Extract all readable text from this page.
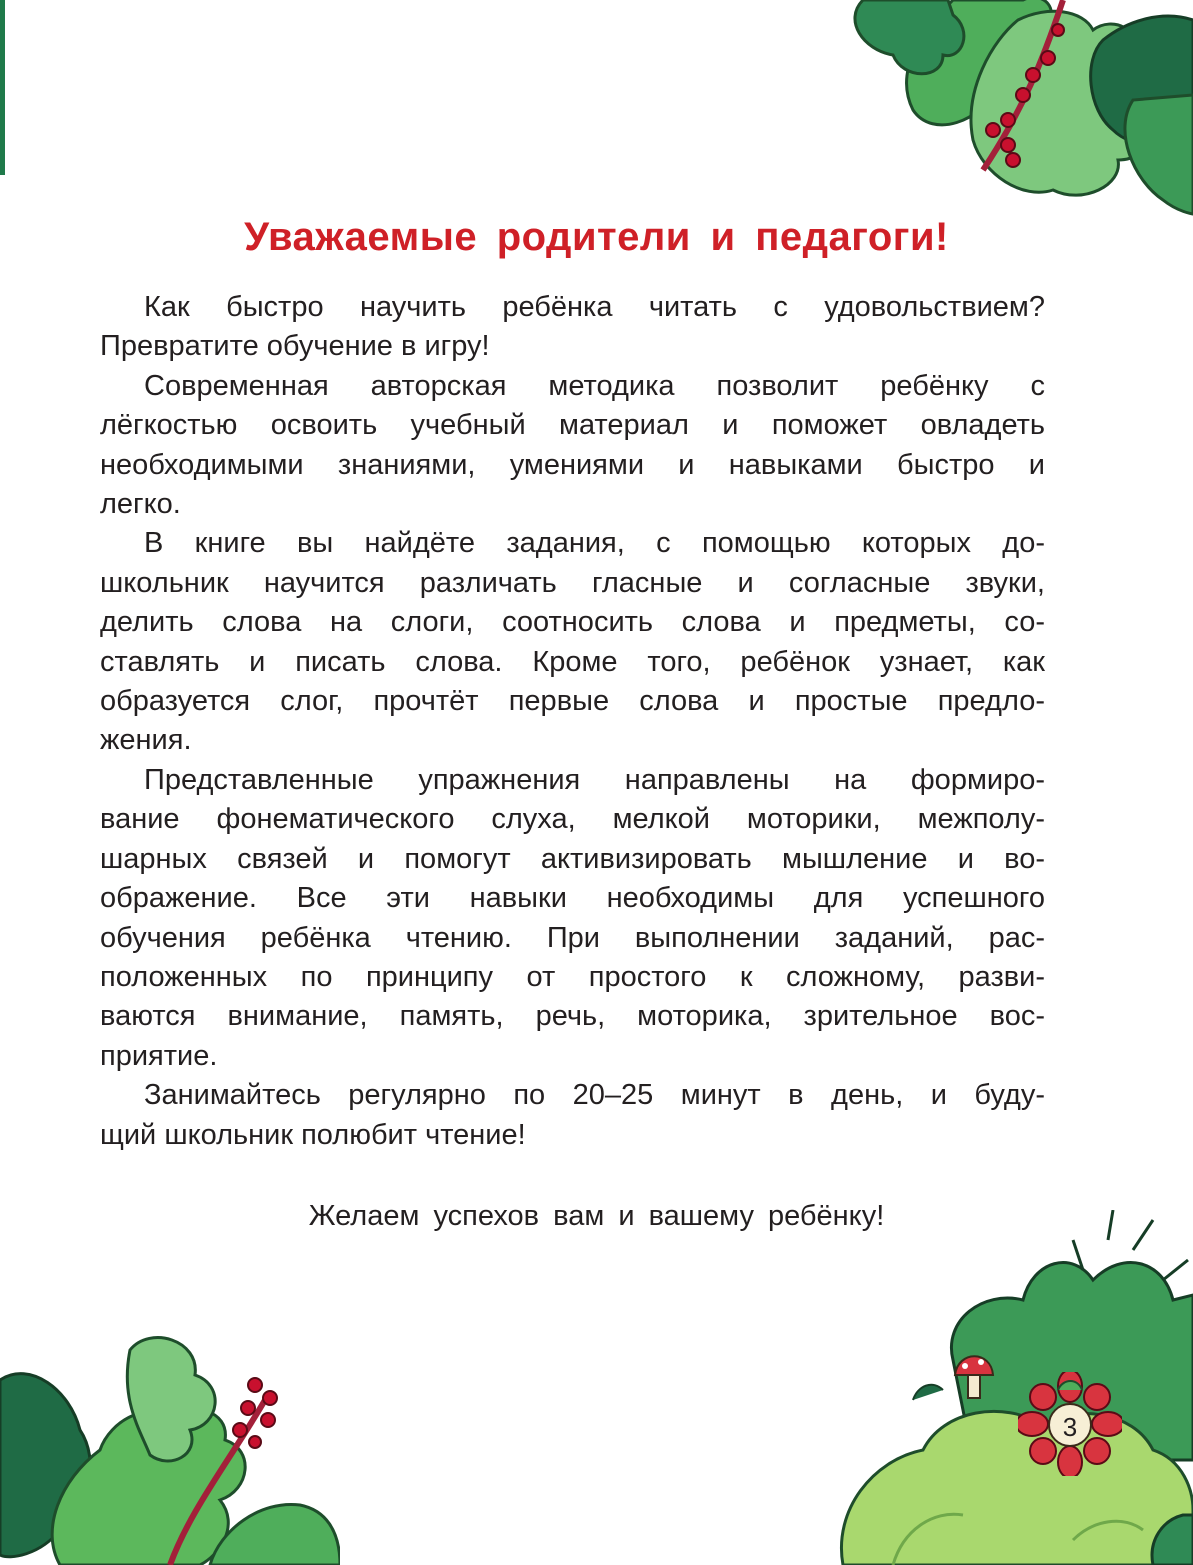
3
Уважаемые родители и педагоги!

Как быстро научить ребёнка читать с удовольствием?
Превратите обучение в игру!

Современная авторская методика позволит ребёнку с
лёгкостью освоить учебный материал и поможет овладеть
необходимыми знаниями, умениями и навыками быстро и
легко.

В книге вы найдёте задания, с помощью которых до-
школьник научится различать гласные и согласные звуки,
делить слова на слоги, соотносить слова и предметы, со-
ставлять и писать слова. Кроме того, ребёнок узнает, как
образуется слог, прочтёт первые слова и простые предло-
жения.

Представленные упражнения направлены на формиро-
вание фонематического слуха, мелкой моторики, межполу-
шарных связей и помогут активизировать мышление и во-
ображение. Все эти навыки необходимы для успешного
обучения ребёнка чтению. При выполнении заданий, рас-
положенных по принципу от простого к сложному, разви-
ваются внимание, память, речь, моторика, зрительное вос-
приятие.

Занимайтесь регулярно по 20–25 минут в день, и буду-
щий школьник полюбит чтение!

Желаем успехов вам и вашему ребёнку!
